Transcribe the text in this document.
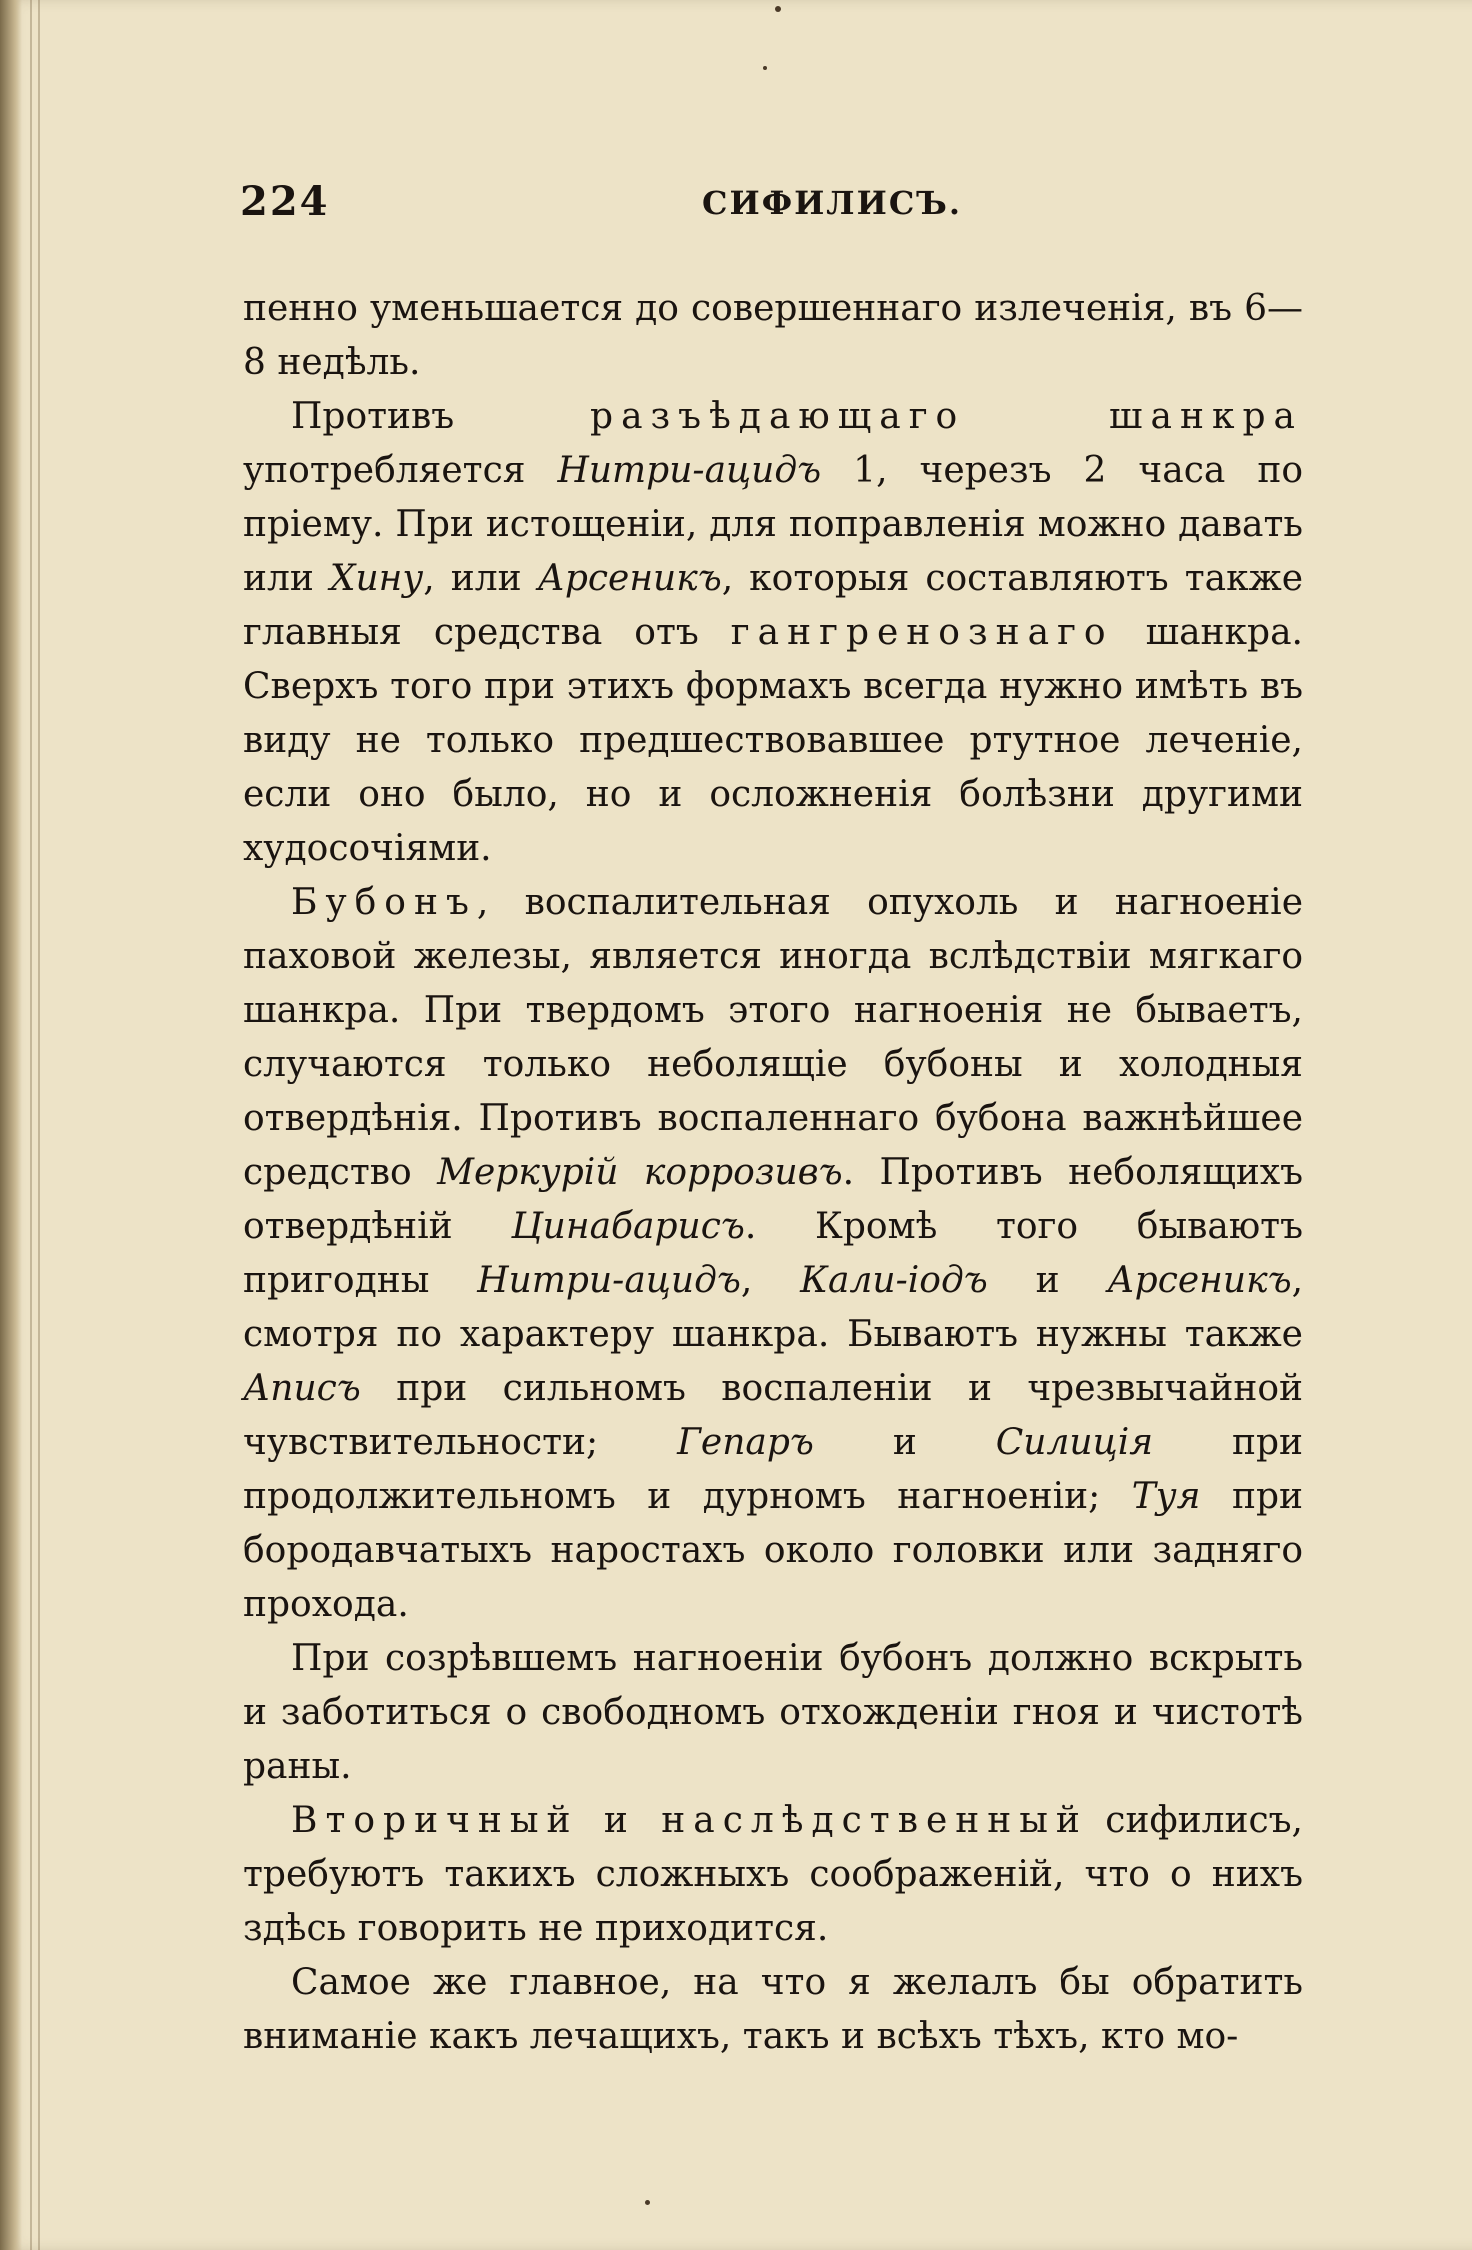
224	СИФИЛИСЪ.

пенно уменьшается до совершеннаго излеченія, въ 6—8 недѣль.

Противъ разъѣдающаго шанкра употребляется Нитри-ацидъ 1, черезъ 2 часа по пріему. При истощеніи, для поправленія можно давать или Хину, или Арсеникъ, которыя составляютъ также главныя средства отъ гангренознаго шанкра. Сверхъ того при этихъ формахъ всегда нужно имѣть въ виду не только предшествовавшее ртутное леченіе, если оно было, но и осложненія болѣзни другими худосочіями.

Бубонъ, воспалительная опухоль и нагноеніе паховой железы, является иногда вслѣдствіи мягкаго шанкра. При твердомъ этого нагноенія не бываетъ, случаются только неболящіе бубоны и холодныя отвердѣнія. Противъ воспаленнаго бубона важнѣйшее средство Меркурій коррозивъ. Противъ неболящихъ отвердѣній Цинабарисъ. Кромѣ того бываютъ пригодны Нитри-ацидъ, Кали-іодъ и Арсеникъ, смотря по характеру шанкра. Бываютъ нужны также Аписъ при сильномъ воспаленіи и чрезвычайной чувствительности; Гепаръ и Силиція при продолжительномъ и дурномъ нагноеніи; Туя при бородавчатыхъ наростахъ около головки или задняго прохода.

При созрѣвшемъ нагноеніи бубонъ должно вскрыть и заботиться о свободномъ отхожденіи гноя и чистотѣ раны.

Вторичный и наслѣдственный сифилисъ, требуютъ такихъ сложныхъ соображеній, что о нихъ здѣсь говорить не приходится.

Самое же главное, на что я желалъ бы обратить вниманіе какъ лечащихъ, такъ и всѣхъ тѣхъ, кто мо-
